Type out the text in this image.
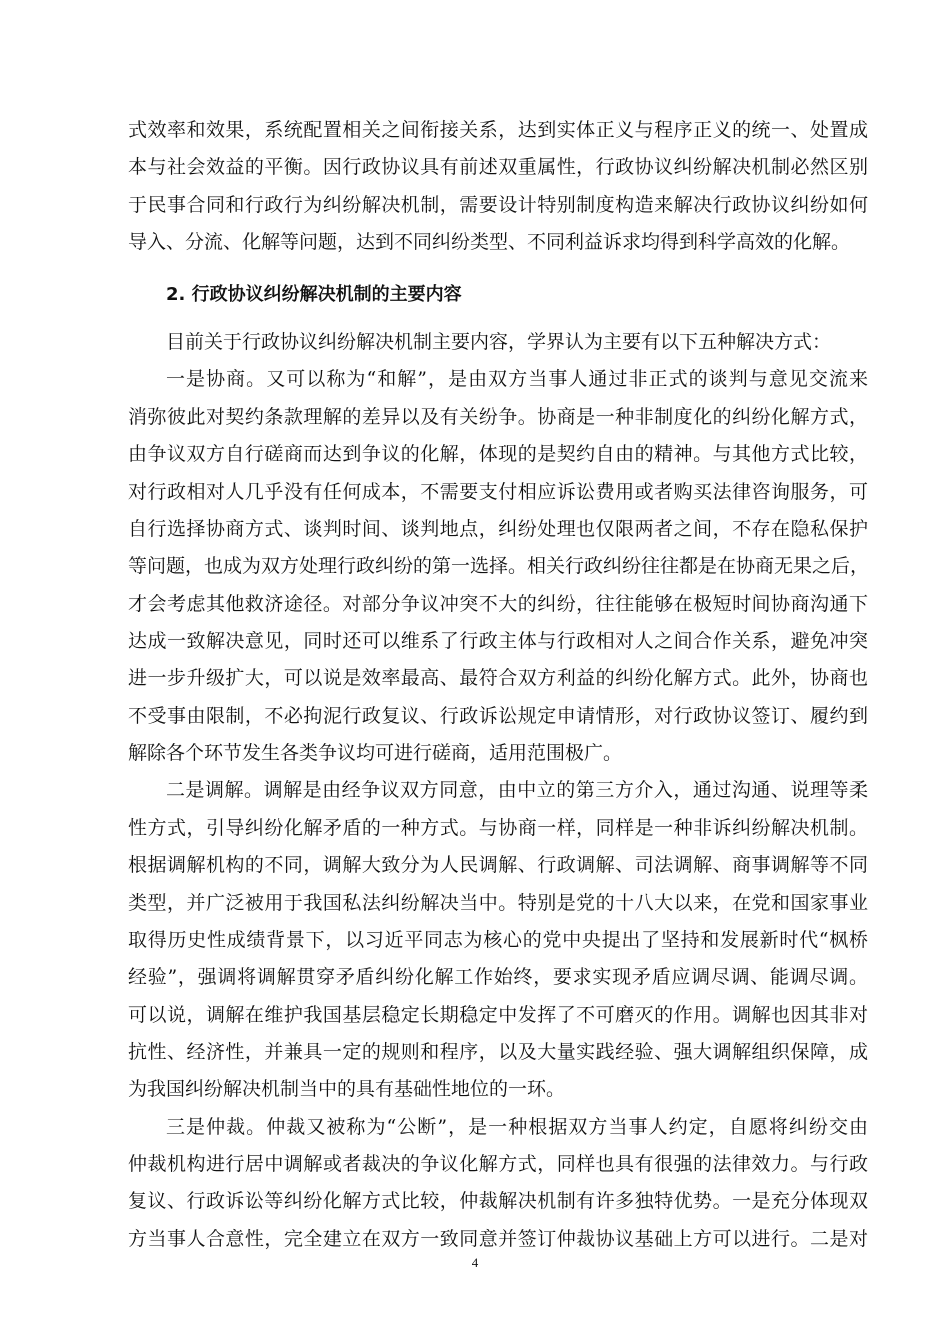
式效率和效果，系统配置相关之间衔接关系，达到实体正义与程序正义的统一、处置成

本与社会效益的平衡。因行政协议具有前述双重属性，行政协议纠纷解决机制必然区别

于民事合同和行政行为纠纷解决机制，需要设计特别制度构造来解决行政协议纠纷如何

导入、分流、化解等问题，达到不同纠纷类型、不同利益诉求均得到科学高效的化解。

2. 行政协议纠纷解决机制的主要内容

目前关于行政协议纠纷解决机制主要内容，学界认为主要有以下五种解决方式：

一是协商。又可以称为“和解”，是由双方当事人通过非正式的谈判与意见交流来

消弥彼此对契约条款理解的差异以及有关纷争。协商是一种非制度化的纠纷化解方式，

由争议双方自行磋商而达到争议的化解，体现的是契约自由的精神。与其他方式比较，

对行政相对人几乎没有任何成本，不需要支付相应诉讼费用或者购买法律咨询服务，可

自行选择协商方式、谈判时间、谈判地点，纠纷处理也仅限两者之间，不存在隐私保护

等问题，也成为双方处理行政纠纷的第一选择。相关行政纠纷往往都是在协商无果之后，

才会考虑其他救济途径。对部分争议冲突不大的纠纷，往往能够在极短时间协商沟通下

达成一致解决意见，同时还可以维系了行政主体与行政相对人之间合作关系，避免冲突

进一步升级扩大，可以说是效率最高、最符合双方利益的纠纷化解方式。此外，协商也

不受事由限制，不必拘泥行政复议、行政诉讼规定申请情形，对行政协议签订、履约到

解除各个环节发生各类争议均可进行磋商，适用范围极广。

二是调解。调解是由经争议双方同意，由中立的第三方介入，通过沟通、说理等柔

性方式，引导纠纷化解矛盾的一种方式。与协商一样，同样是一种非诉纠纷解决机制。

根据调解机构的不同，调解大致分为人民调解、行政调解、司法调解、商事调解等不同

类型，并广泛被用于我国私法纠纷解决当中。特别是党的十八大以来，在党和国家事业

取得历史性成绩背景下，以习近平同志为核心的党中央提出了坚持和发展新时代“枫桥

经验”，强调将调解贯穿矛盾纠纷化解工作始终，要求实现矛盾应调尽调、能调尽调。

可以说，调解在维护我国基层稳定长期稳定中发挥了不可磨灭的作用。调解也因其非对

抗性、经济性，并兼具一定的规则和程序，以及大量实践经验、强大调解组织保障，成

为我国纠纷解决机制当中的具有基础性地位的一环。

三是仲裁。仲裁又被称为“公断”，是一种根据双方当事人约定，自愿将纠纷交由

仲裁机构进行居中调解或者裁决的争议化解方式，同样也具有很强的法律效力。与行政

复议、行政诉讼等纠纷化解方式比较，仲裁解决机制有许多独特优势。一是充分体现双

方当事人合意性，完全建立在双方一致同意并签订仲裁协议基础上方可以进行。二是对

4
